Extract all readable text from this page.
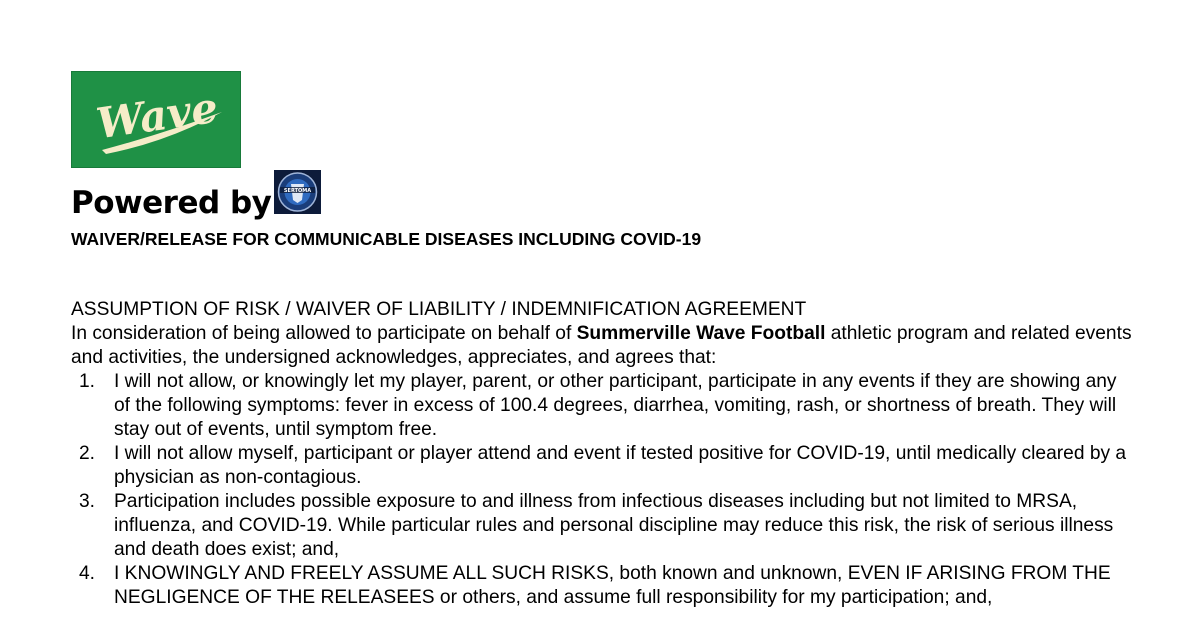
Wave
Powered by	SERTOMA
WAIVER/RELEASE FOR COMMUNICABLE DISEASES INCLUDING COVID-19

ASSUMPTION OF RISK / WAIVER OF LIABILITY / INDEMNIFICATION AGREEMENT

In consideration of being allowed to participate on behalf of Summerville Wave Football athletic program and related events and activities, the undersigned acknowledges, appreciates, and agrees that:

1. I will not allow, or knowingly let my player, parent, or other participant, participate in any events if they are showing any of the following symptoms: fever in excess of 100.4 degrees, diarrhea, vomiting, rash, or shortness of breath. They will stay out of events, until symptom free.
2. I will not allow myself, participant or player attend and event if tested positive for COVID-19, until medically cleared by a physician as non-contagious.
3. Participation includes possible exposure to and illness from infectious diseases including but not limited to MRSA, influenza, and COVID-19. While particular rules and personal discipline may reduce this risk, the risk of serious illness and death does exist; and,
4. I KNOWINGLY AND FREELY ASSUME ALL SUCH RISKS, both known and unknown, EVEN IF ARISING FROM THE NEGLIGENCE OF THE RELEASEES or others, and assume full responsibility for my participation; and,
